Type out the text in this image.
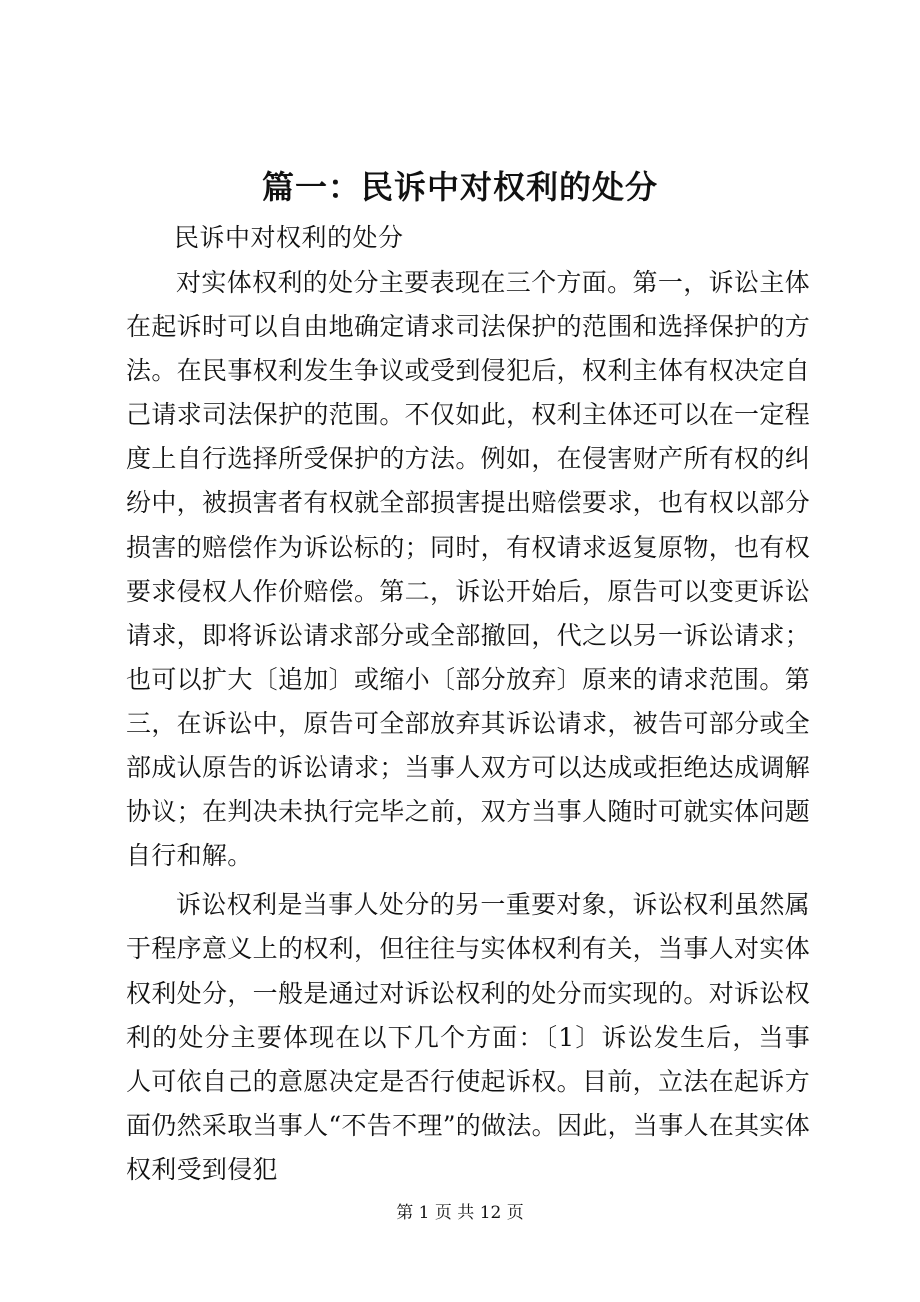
篇一：民诉中对权利的处分
民诉中对权利的处分

对实体权利的处分主要表现在三个方面。第一，诉讼主体在起诉时可以自由地确定请求司法保护的范围和选择保护的方法。在民事权利发生争议或受到侵犯后，权利主体有权决定自己请求司法保护的范围。不仅如此，权利主体还可以在一定程度上自行选择所受保护的方法。例如，在侵害财产所有权的纠纷中，被损害者有权就全部损害提出赔偿要求，也有权以部分损害的赔偿作为诉讼标的；同时，有权请求返复原物，也有权要求侵权人作价赔偿。第二，诉讼开始后，原告可以变更诉讼请求，即将诉讼请求部分或全部撤回，代之以另一诉讼请求；也可以扩大〔追加〕或缩小〔部分放弃〕原来的请求范围。第三，在诉讼中，原告可全部放弃其诉讼请求，被告可部分或全部成认原告的诉讼请求；当事人双方可以达成或拒绝达成调解协议；在判决未执行完毕之前，双方当事人随时可就实体问题自行和解。

诉讼权利是当事人处分的另一重要对象，诉讼权利虽然属于程序意义上的权利，但往往与实体权利有关，当事人对实体权利处分，一般是通过对诉讼权利的处分而实现的。对诉讼权利的处分主要体现在以下几个方面：〔1〕诉讼发生后，当事人可依自己的意愿决定是否行使起诉权。目前，立法在起诉方面仍然采取当事人“不告不理”的做法。因此，当事人在其实体权利受到侵犯

第 1 页 共 12 页
